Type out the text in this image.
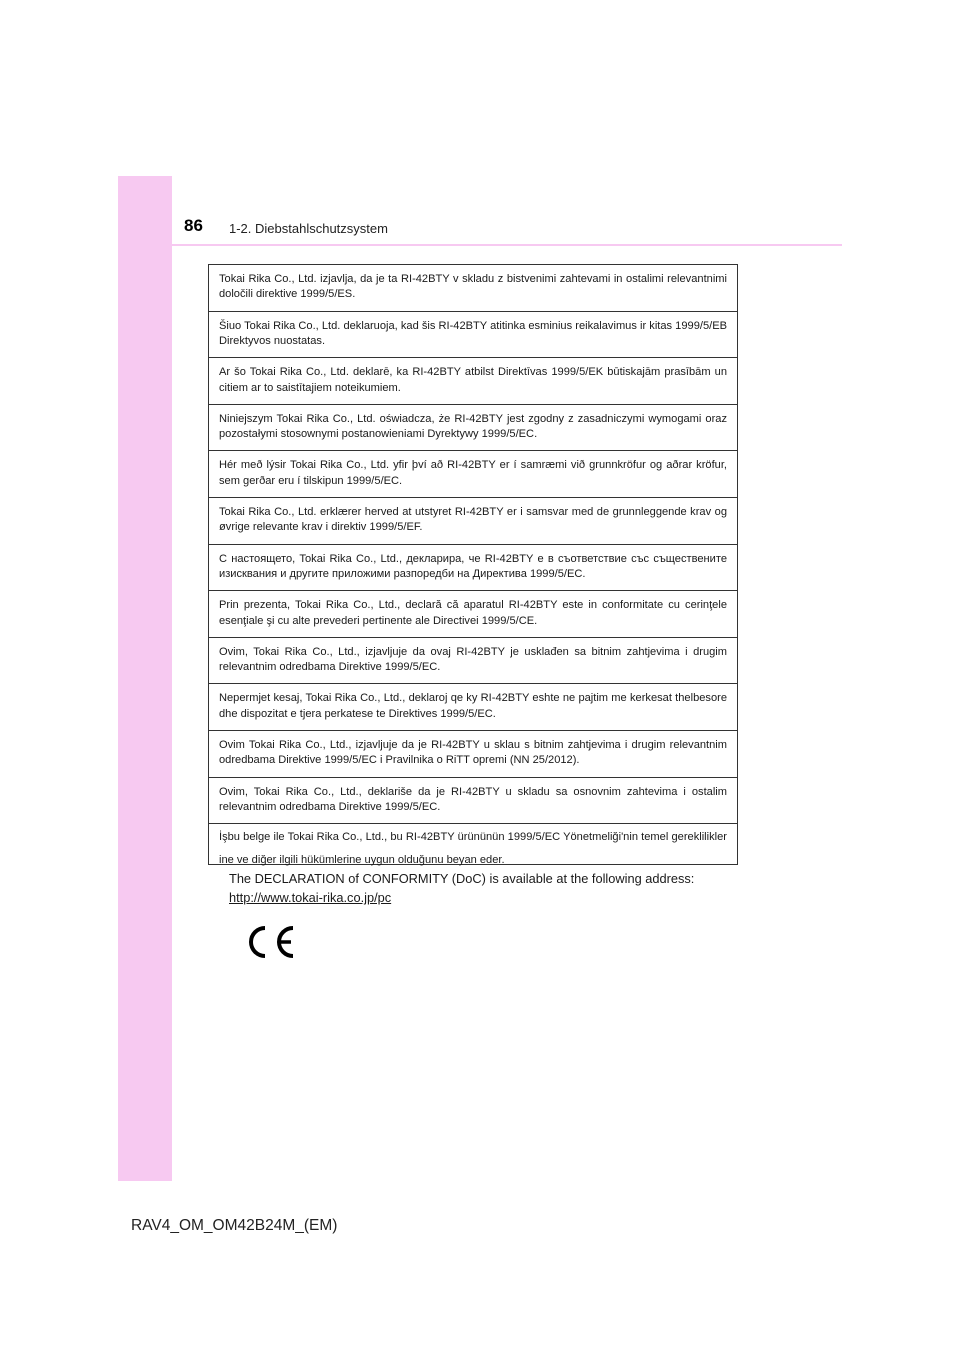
86 1-2. Diebstahlschutzsystem
Tokai Rika Co., Ltd. izjavlja, da je ta RI-42BTY v skladu z bistvenimi zahtevami in ostalimi relevantnimi določili direktive 1999/5/ES.
Šiuo Tokai Rika Co., Ltd. deklaruoja, kad šis RI-42BTY atitinka esminius reikalavimus ir kitas 1999/5/EB Direktyvos nuostatas.
Ar šo Tokai Rika Co., Ltd. deklarē, ka RI-42BTY atbilst Direktīvas 1999/5/EK būtiskajām prasībām un citiem ar to saistītajiem noteikumiem.
Niniejszym Tokai Rika Co., Ltd. oświadcza, że RI-42BTY jest zgodny z zasadniczymi wymogami oraz pozostałymi stosownymi postanowieniami Dyrektywy 1999/5/EC.
Hér með lýsir Tokai Rika Co., Ltd. yfir því að RI-42BTY er í samræmi við grunnkröfur og aðrar kröfur, sem gerðar eru í tilskipun 1999/5/EC.
Tokai Rika Co., Ltd. erklærer herved at utstyret RI-42BTY er i samsvar med de grunnleggende krav og øvrige relevante krav i direktiv 1999/5/EF.
С настоящето, Tokai Rika Co., Ltd., декларира, че RI-42BTY е в съответствие със съществените изисквания и другите приложими разпоредби на Директива 1999/5/EC.
Prin prezenta, Tokai Rika Co., Ltd., declară că aparatul RI-42BTY este in conformitate cu cerinţele esenţiale şi cu alte prevederi pertinente ale Directivei 1999/5/CE.
Ovim, Tokai Rika Co., Ltd., izjavljuje da ovaj RI-42BTY je usklađen sa bitnim zahtjevima i drugim relevantnim odredbama Direktive 1999/5/EC.
Nepermjet kesaj, Tokai Rika Co., Ltd., deklaroj qe ky RI-42BTY eshte ne pajtim me kerkesat thelbesore dhe dispozitat e tjera perkatese te Direktives 1999/5/EC.
Ovim Tokai Rika Co., Ltd., izjavljuje da je RI-42BTY u sklau s bitnim zahtjevima i drugim relevantnim odredbama Direktive 1999/5/EC i Pravilnika o RiTT opremi (NN 25/2012).
Ovim, Tokai Rika Co., Ltd., deklariše da je RI-42BTY u skladu sa osnovnim zahtevima i ostalim relevantnim odredbama Direktive 1999/5/EC.
İşbu belge ile Tokai Rika Co., Ltd., bu RI-42BTY ürününün 1999/5/EC Yönetmeliği'nin temel gereklilikler ine ve diğer ilgili hükümlerine uygun olduğunu beyan eder.
The DECLARATION of CONFORMITY (DoC) is available at the following address:
http://www.tokai-rika.co.jp/pc
RAV4_OM_OM42B24M_(EM)
